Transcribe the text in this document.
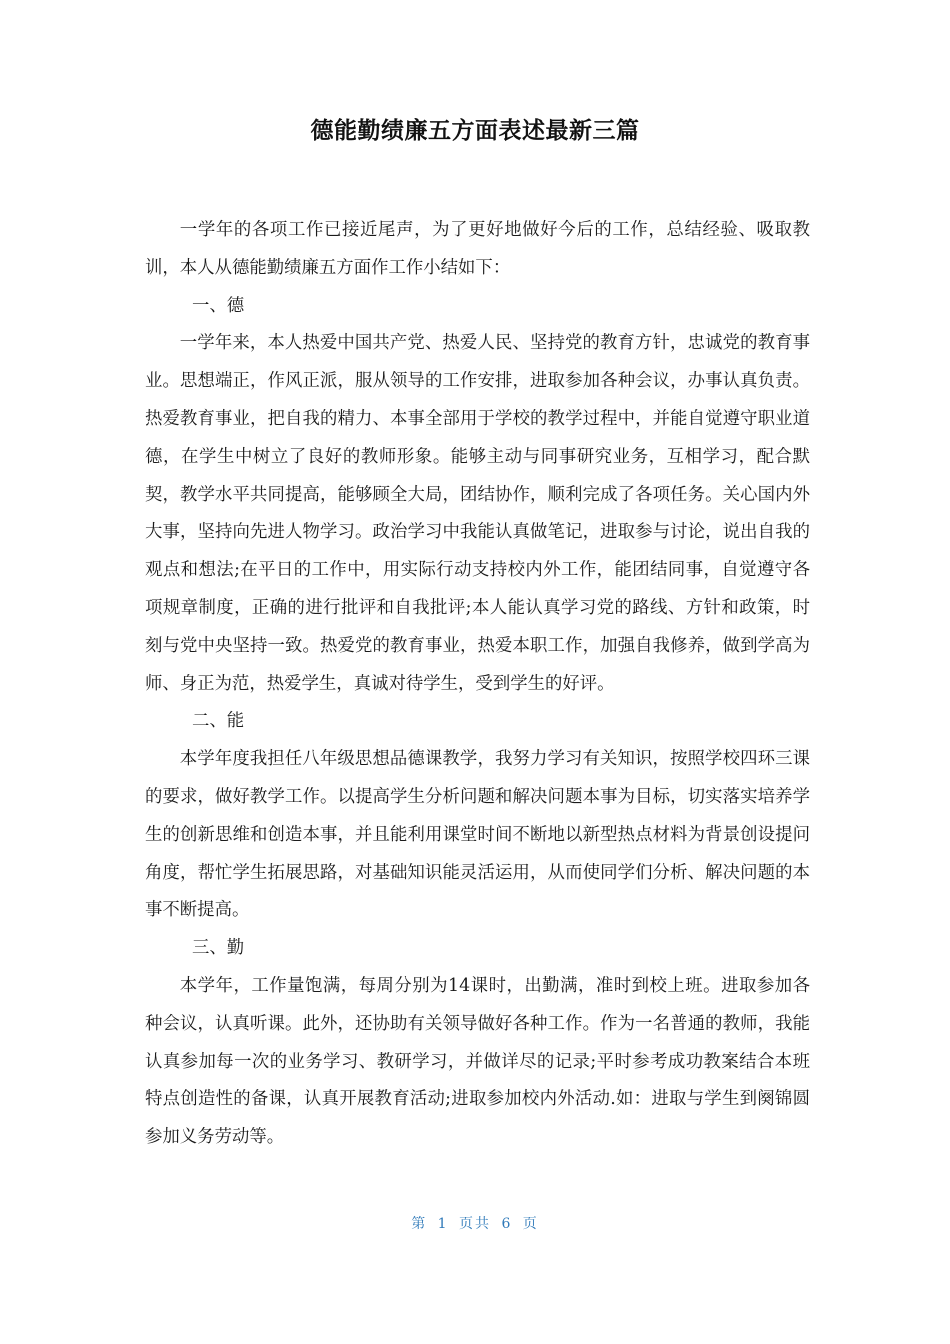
德能勤绩廉五方面表述最新三篇

一学年的各项工作已接近尾声，为了更好地做好今后的工作，总结经验、吸取教训，本人从德能勤绩廉五方面作工作小结如下：

一、德

一学年来，本人热爱中国共产党、热爱人民、坚持党的教育方针，忠诚党的教育事业。思想端正，作风正派，服从领导的工作安排，进取参加各种会议，办事认真负责。热爱教育事业，把自我的精力、本事全部用于学校的教学过程中，并能自觉遵守职业道德，在学生中树立了良好的教师形象。能够主动与同事研究业务，互相学习，配合默契，教学水平共同提高，能够顾全大局，团结协作，顺利完成了各项任务。关心国内外大事，坚持向先进人物学习。政治学习中我能认真做笔记，进取参与讨论，说出自我的观点和想法;在平日的工作中，用实际行动支持校内外工作，能团结同事，自觉遵守各项规章制度，正确的进行批评和自我批评;本人能认真学习党的路线、方针和政策，时刻与党中央坚持一致。热爱党的教育事业，热爱本职工作，加强自我修养，做到学高为师、身正为范，热爱学生，真诚对待学生，受到学生的好评。

二、能

本学年度我担任八年级思想品德课教学，我努力学习有关知识，按照学校四环三课的要求，做好教学工作。以提高学生分析问题和解决问题本事为目标，切实落实培养学生的创新思维和创造本事，并且能利用课堂时间不断地以新型热点材料为背景创设提问角度，帮忙学生拓展思路，对基础知识能灵活运用，从而使同学们分析、解决问题的本事不断提高。

三、勤

本学年，工作量饱满，每周分别为14课时，出勤满，准时到校上班。进取参加各种会议，认真听课。此外，还协助有关领导做好各种工作。作为一名普通的教师，我能认真参加每一次的业务学习、教研学习，并做详尽的记录;平时参考成功教案结合本班特点创造性的备课，认真开展教育活动;进取参加校内外活动.如：进取与学生到阕锦圆参加义务劳动等。

第 1 页共 6 页
